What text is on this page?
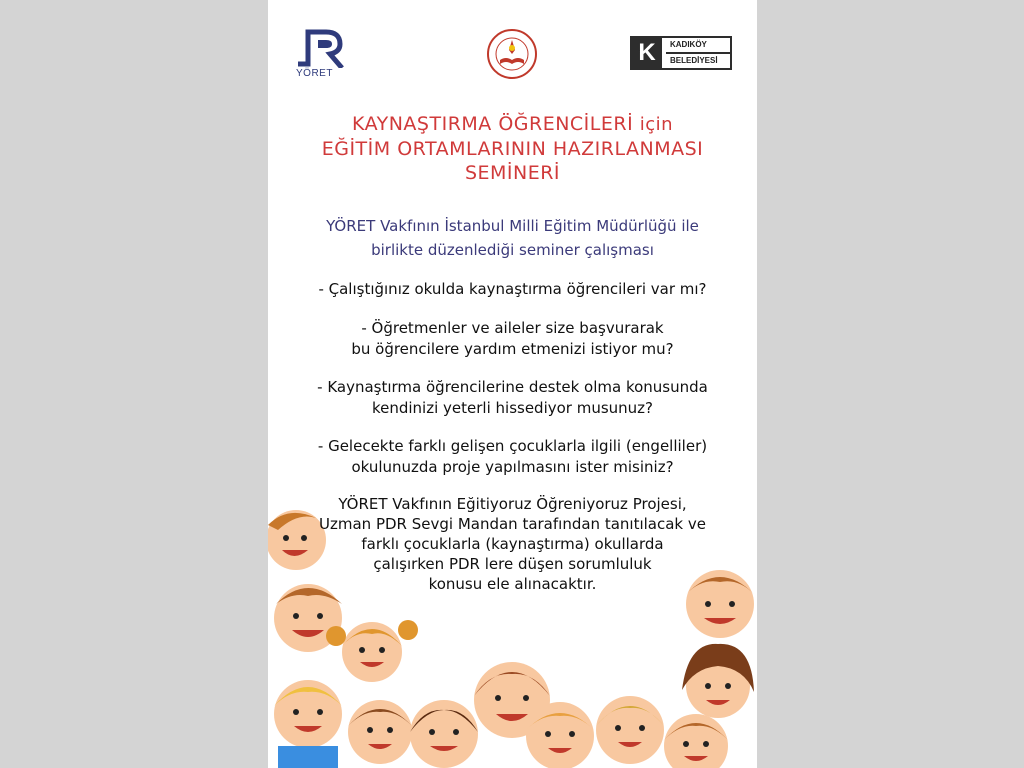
YÖRET
K	KADIKÖY
BELEDİYESİ
KAYNAŞTIRMA ÖĞRENCİLERİ için
EĞİTİM ORTAMLARININ HAZIRLANMASI
SEMİNERİ
YÖRET Vakfının İstanbul Milli Eğitim Müdürlüğü ile
birlikte düzenlediği seminer çalışması
- Çalıştığınız okulda kaynaştırma öğrencileri var mı?
- Öğretmenler ve aileler size başvurarak
bu öğrencilere yardım etmenizi istiyor mu?
- Kaynaştırma öğrencilerine destek olma konusunda
kendinizi yeterli hissediyor musunuz?
- Gelecekte farklı gelişen çocuklarla ilgili (engelliler)
okulunuzda proje yapılmasını ister misiniz?
YÖRET Vakfının Eğitiyoruz Öğreniyoruz Projesi,
Uzman PDR Sevgi Mandan tarafından tanıtılacak ve
farklı çocuklarla (kaynaştırma) okullarda
çalışırken PDR lere düşen sorumluluk
konusu ele alınacaktır.
